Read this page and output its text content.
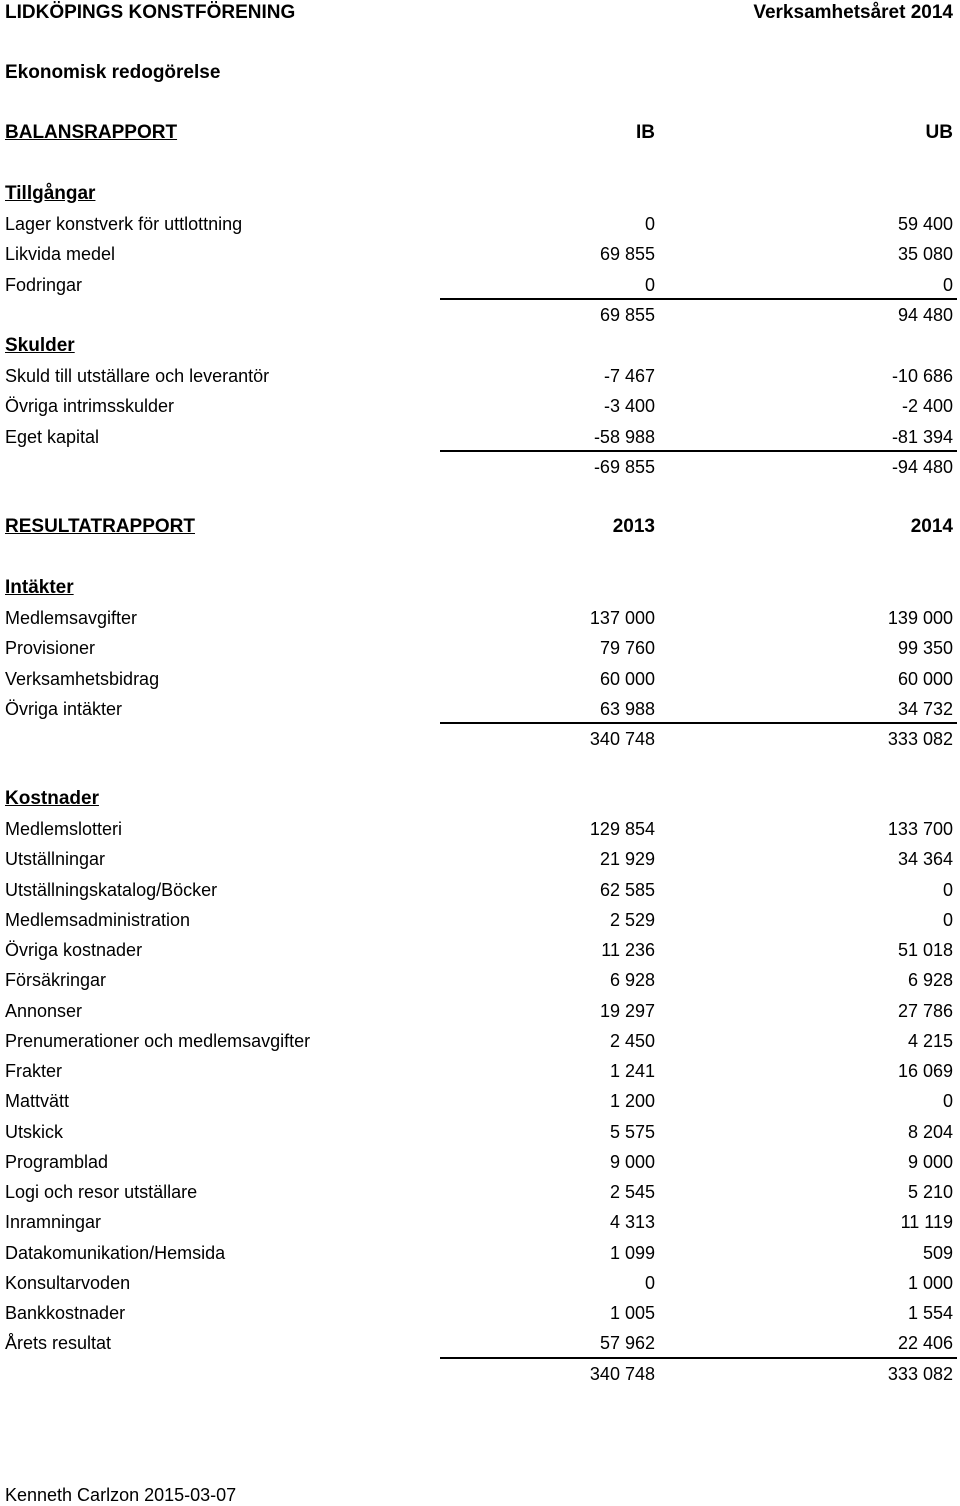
LIDKÖPINGS KONSTFÖRENING	Verksamhetsåret 2014
Ekonomisk redogörelse
BALANSRAPPORT	IB	UB
Tillgångar
Lager konstverk för uttlottning	0	59 400
Likvida medel	69 855	35 080
Fodringar	0	0
69 855	94 480
Skulder
Skuld till utställare och leverantör	-7 467	-10 686
Övriga intrimsskulder	-3 400	-2 400
Eget kapital	-58 988	-81 394
-69 855	-94 480
RESULTATRAPPORT	2013	2014
Intäkter
Medlemsavgifter	137 000	139 000
Provisioner	79 760	99 350
Verksamhetsbidrag	60 000	60 000
Övriga intäkter	63 988	34 732
340 748	333 082
Kostnader
Medlemslotteri	129 854	133 700
Utställningar	21 929	34 364
Utställningskatalog/Böcker	62 585	0
Medlemsadministration	2 529	0
Övriga kostnader	11 236	51 018
Försäkringar	6 928	6 928
Annonser	19 297	27 786
Prenumerationer och medlemsavgifter	2 450	4 215
Frakter	1 241	16 069
Mattvätt	1 200	0
Utskick	5 575	8 204
Programblad	9 000	9 000
Logi och resor utställare	2 545	5 210
Inramningar	4 313	11 119
Datakomunikation/Hemsida	1 099	509
Konsultarvoden	0	1 000
Bankkostnader	1 005	1 554
Årets resultat	57 962	22 406
340 748	333 082
Kenneth Carlzon 2015-03-07
